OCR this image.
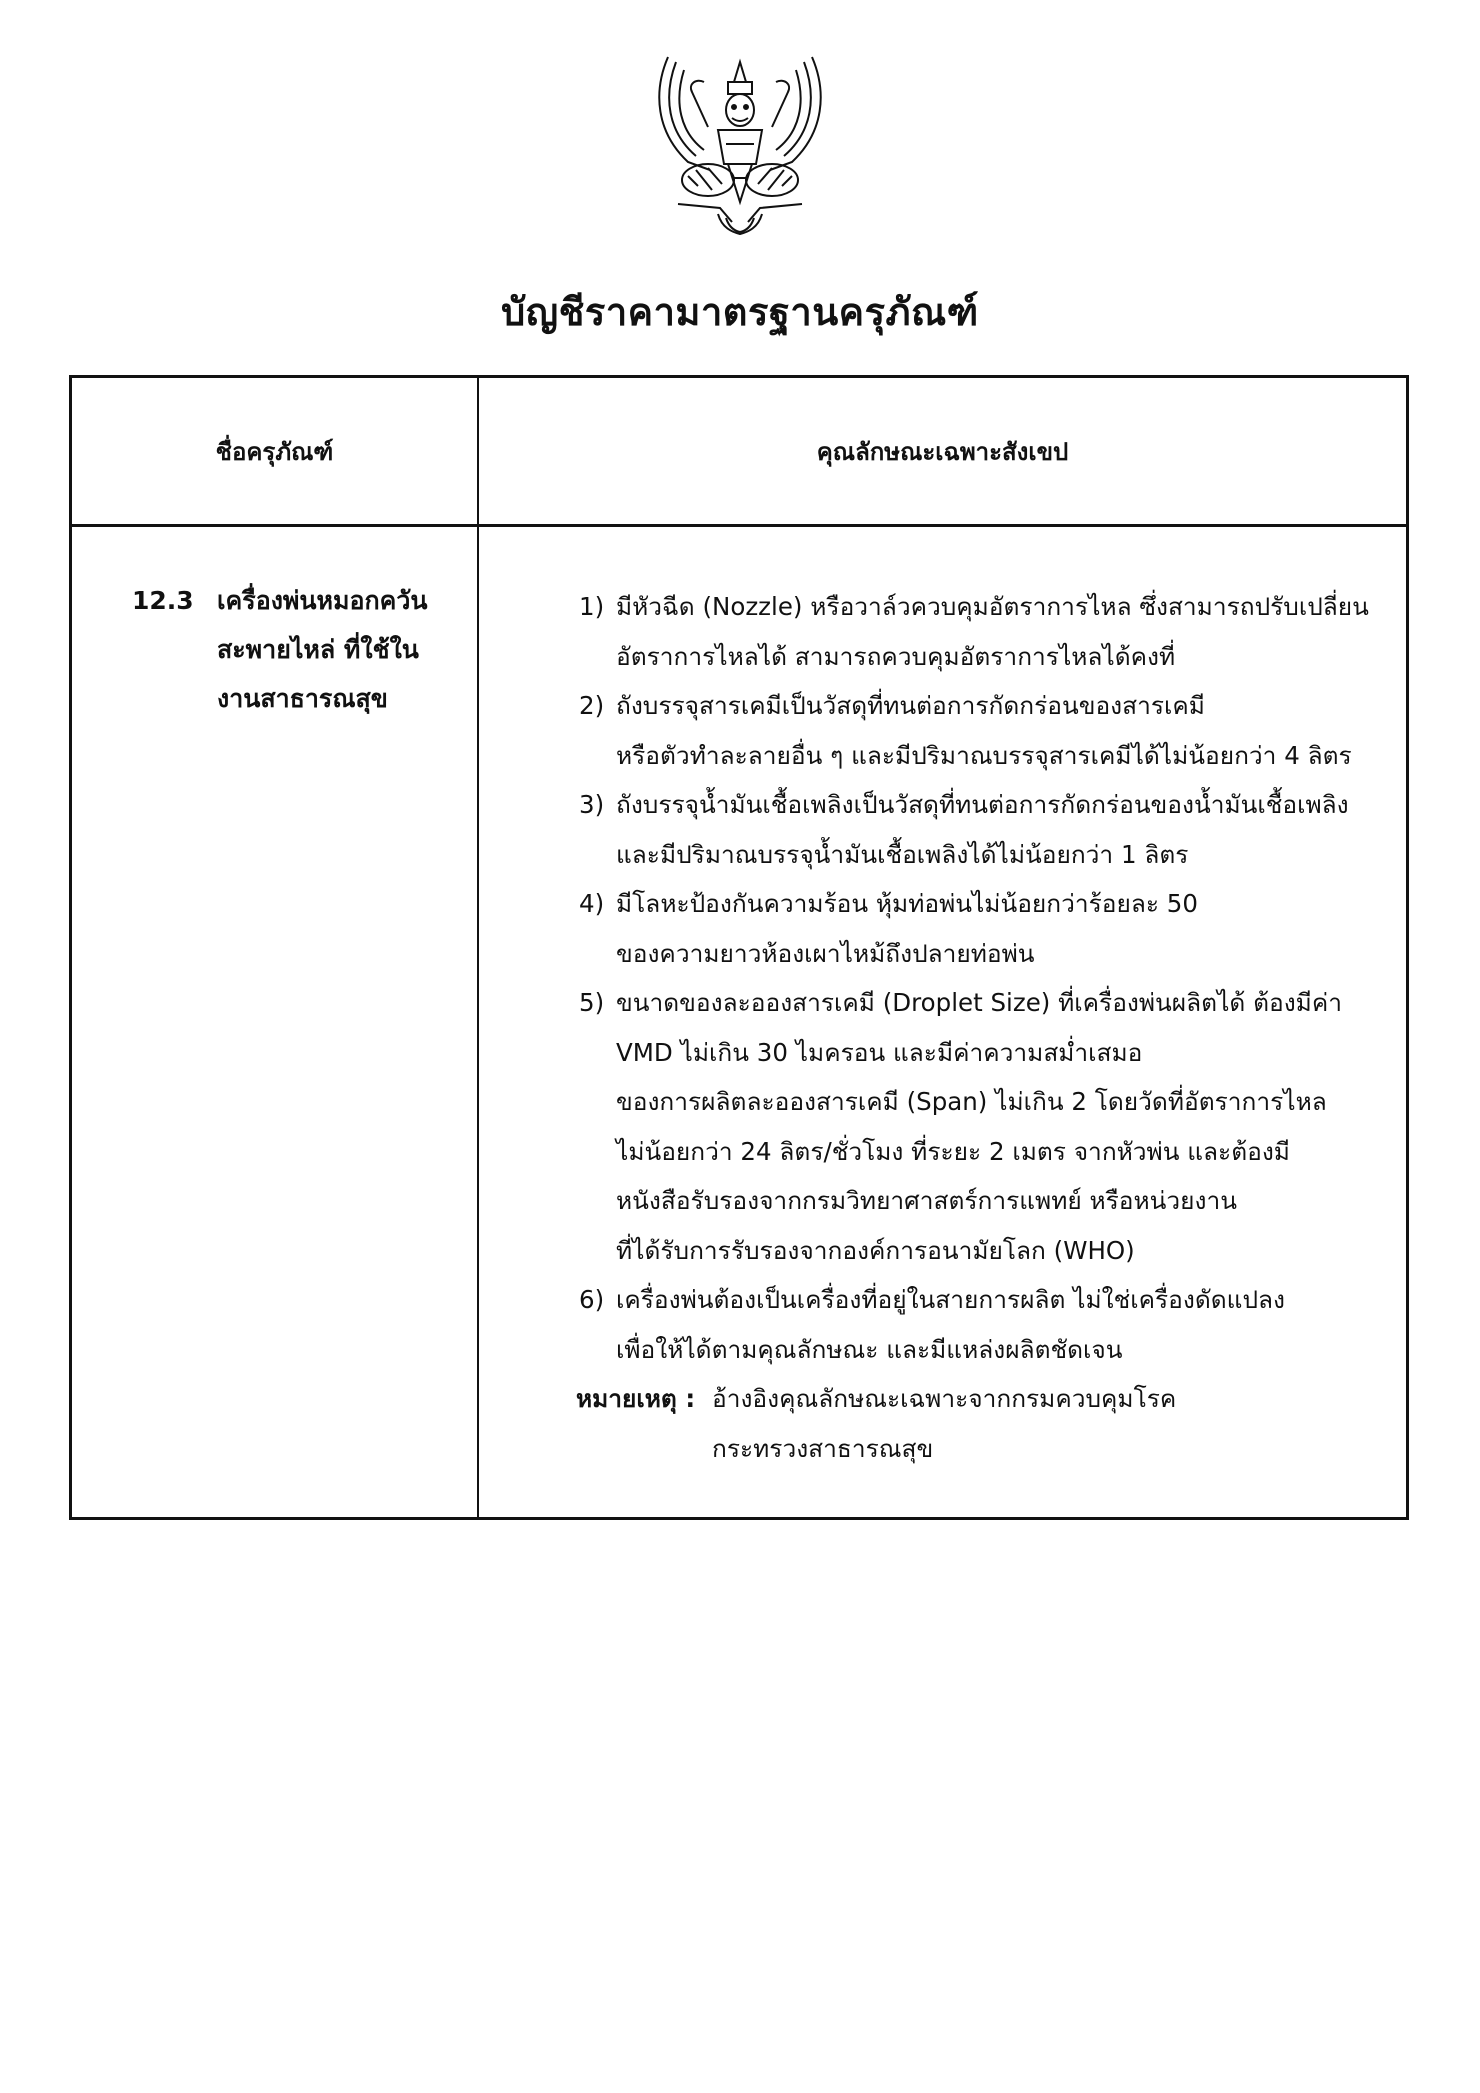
บัญชีราคามาตรฐานครุภัณฑ์
ชื่อครุภัณฑ์	คุณลักษณะเฉพาะสังเขป
12.3 เครื่องพ่นหมอกควัน
สะพายไหล่ ที่ใช้ใน
งานสาธารณสุข
1) มีหัวฉีด (Nozzle) หรือวาล์วควบคุมอัตราการไหล ซึ่งสามารถปรับเปลี่ยน
อัตราการไหลได้ สามารถควบคุมอัตราการไหลได้คงที่
2) ถังบรรจุสารเคมีเป็นวัสดุที่ทนต่อการกัดกร่อนของสารเคมี
หรือตัวทำละลายอื่น ๆ และมีปริมาณบรรจุสารเคมีได้ไม่น้อยกว่า 4 ลิตร
3) ถังบรรจุน้ำมันเชื้อเพลิงเป็นวัสดุที่ทนต่อการกัดกร่อนของน้ำมันเชื้อเพลิง
และมีปริมาณบรรจุน้ำมันเชื้อเพลิงได้ไม่น้อยกว่า 1 ลิตร
4) มีโลหะป้องกันความร้อน หุ้มท่อพ่นไม่น้อยกว่าร้อยละ 50
ของความยาวห้องเผาไหม้ถึงปลายท่อพ่น
5) ขนาดของละอองสารเคมี (Droplet Size) ที่เครื่องพ่นผลิตได้ ต้องมีค่า
VMD ไม่เกิน 30 ไมครอน และมีค่าความสม่ำเสมอ
ของการผลิตละอองสารเคมี (Span) ไม่เกิน 2 โดยวัดที่อัตราการไหล
ไม่น้อยกว่า 24 ลิตร/ชั่วโมง ที่ระยะ 2 เมตร จากหัวพ่น และต้องมี
หนังสือรับรองจากกรมวิทยาศาสตร์การแพทย์ หรือหน่วยงาน
ที่ได้รับการรับรองจากองค์การอนามัยโลก (WHO)
6) เครื่องพ่นต้องเป็นเครื่องที่อยู่ในสายการผลิต ไม่ใช่เครื่องดัดแปลง
เพื่อให้ได้ตามคุณลักษณะ และมีแหล่งผลิตชัดเจน
หมายเหตุ : อ้างอิงคุณลักษณะเฉพาะจากกรมควบคุมโรค
กระทรวงสาธารณสุข
